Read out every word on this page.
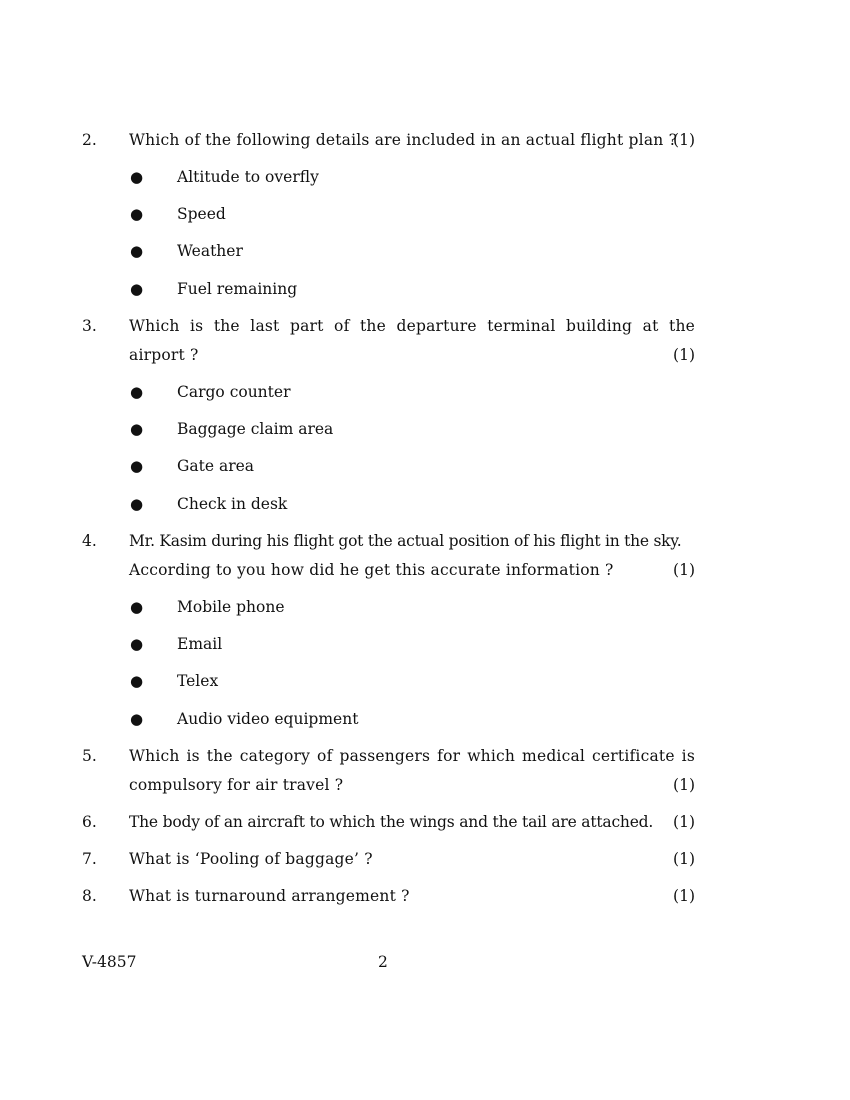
2.	Which of the following details are included in an actual flight plan ?
(1)
● Altitude to overfly
● Speed
● Weather
● Fuel remaining
3.	Which is the last part of the departure terminal building at the
airport ?	(1)
● Cargo counter
● Baggage claim area
● Gate area
● Check in desk
4.	Mr. Kasim during his flight got the actual position of his flight in the sky.
According to you how did he get this accurate information ?	(1)
● Mobile phone
● Email
● Telex
● Audio video equipment
5.	Which is the category of passengers for which medical certificate is
compulsory for air travel ?	(1)
6.	The body of an aircraft to which the wings and the tail are attached.	(1)
7.	What is ‘Pooling of baggage’ ?	(1)
8.	What is turnaround arrangement ?	(1)
V-4857	2
